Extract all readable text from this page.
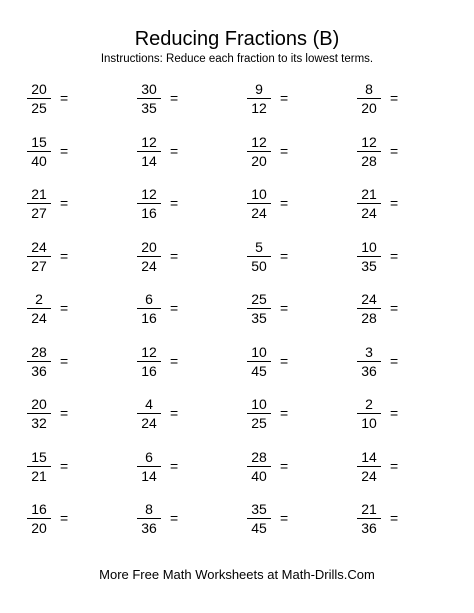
Reducing Fractions (B)
Instructions: Reduce each fraction to its lowest terms.
20
25
=
30
35
=
9
12
=
8
20
=
15
40
=
12
14
=
12
20
=
12
28
=
21
27
=
12
16
=
10
24
=
21
24
=
24
27
=
20
24
=
5
50
=
10
35
=
2
24
=
6
16
=
25
35
=
24
28
=
28
36
=
12
16
=
10
45
=
3
36
=
20
32
=
4
24
=
10
25
=
2
10
=
15
21
=
6
14
=
28
40
=
14
24
=
16
20
=
8
36
=
35
45
=
21
36
=
More Free Math Worksheets at Math-Drills.Com
